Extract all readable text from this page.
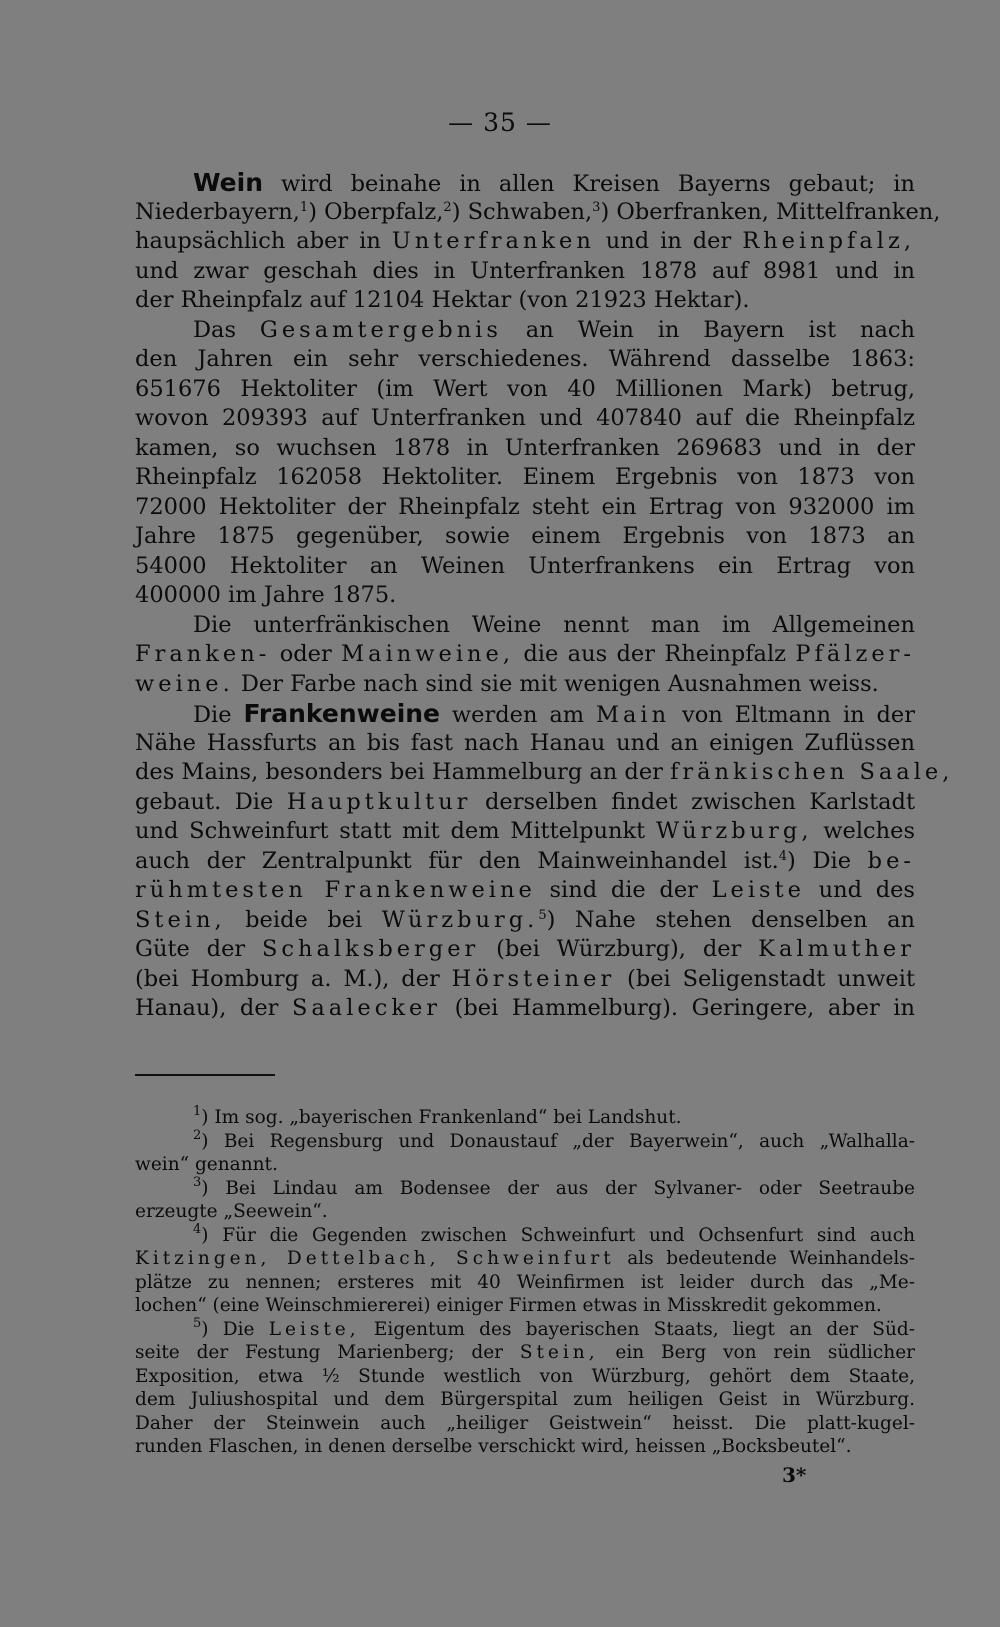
— 35 —
Wein wird beinahe in allen Kreisen Bayerns gebaut; in
Niederbayern,$^1$) Oberpfalz,$^2$) Schwaben,$^3$) Oberfranken, Mittelfranken,
haupsächlich aber in Unterfranken und in der Rheinpfalz,
und zwar geschah dies in Unterfranken 1878 auf 8981 und in
der Rheinpfalz auf 12104 Hektar (von 21923 Hektar).
Das Gesamtergebnis an Wein in Bayern ist nach
den Jahren ein sehr verschiedenes. Während dasselbe 1863:
651676 Hektoliter (im Wert von 40 Millionen Mark) betrug,
wovon 209393 auf Unterfranken und 407840 auf die Rheinpfalz
kamen, so wuchsen 1878 in Unterfranken 269683 und in der
Rheinpfalz 162058 Hektoliter. Einem Ergebnis von 1873 von
72000 Hektoliter der Rheinpfalz steht ein Ertrag von 932000 im
Jahre 1875 gegenüber, sowie einem Ergebnis von 1873 an
54000 Hektoliter an Weinen Unterfrankens ein Ertrag von
400000 im Jahre 1875.
Die unterfränkischen Weine nennt man im Allgemeinen
Franken- oder Mainweine, die aus der Rheinpfalz Pfälzer-
weine. Der Farbe nach sind sie mit wenigen Ausnahmen weiss.
Die Frankenweine werden am Main von Eltmann in der
Nähe Hassfurts an bis fast nach Hanau und an einigen Zuflüssen
des Mains, besonders bei Hammelburg an der fränkischen Saale,
gebaut. Die Hauptkultur derselben findet zwischen Karlstadt
und Schweinfurt statt mit dem Mittelpunkt Würzburg, welches
auch der Zentralpunkt für den Mainweinhandel ist.$^4$) Die be-
rühmtesten Frankenweine sind die der Leiste und des
Stein, beide bei Würzburg.$^5$) Nahe stehen denselben an
Güte der Schalksberger (bei Würzburg), der Kalmuther
(bei Homburg a. M.), der Hörsteiner (bei Seligenstadt unweit
Hanau), der Saalecker (bei Hammelburg). Geringere, aber in
$^1$) Im sog. „bayerischen Frankenland“ bei Landshut.
$^2$) Bei Regensburg und Donaustauf „der Bayerwein“, auch „Walhalla-
wein“ genannt.
$^3$) Bei Lindau am Bodensee der aus der Sylvaner- oder Seetraube
erzeugte „Seewein“.
$^4$) Für die Gegenden zwischen Schweinfurt und Ochsenfurt sind auch
Kitzingen, Dettelbach, Schweinfurt als bedeutende Weinhandels-
plätze zu nennen; ersteres mit 40 Weinfirmen ist leider durch das „Me-
lochen“ (eine Weinschmiererei) einiger Firmen etwas in Misskredit gekommen.
$^5$) Die Leiste, Eigentum des bayerischen Staats, liegt an der Süd-
seite der Festung Marienberg; der Stein, ein Berg von rein südlicher
Exposition, etwa ½ Stunde westlich von Würzburg, gehört dem Staate,
dem Juliushospital und dem Bürgerspital zum heiligen Geist in Würzburg.
Daher der Steinwein auch „heiliger Geistwein“ heisst. Die platt-kugel-
runden Flaschen, in denen derselbe verschickt wird, heissen „Bocksbeutel“.
3*
